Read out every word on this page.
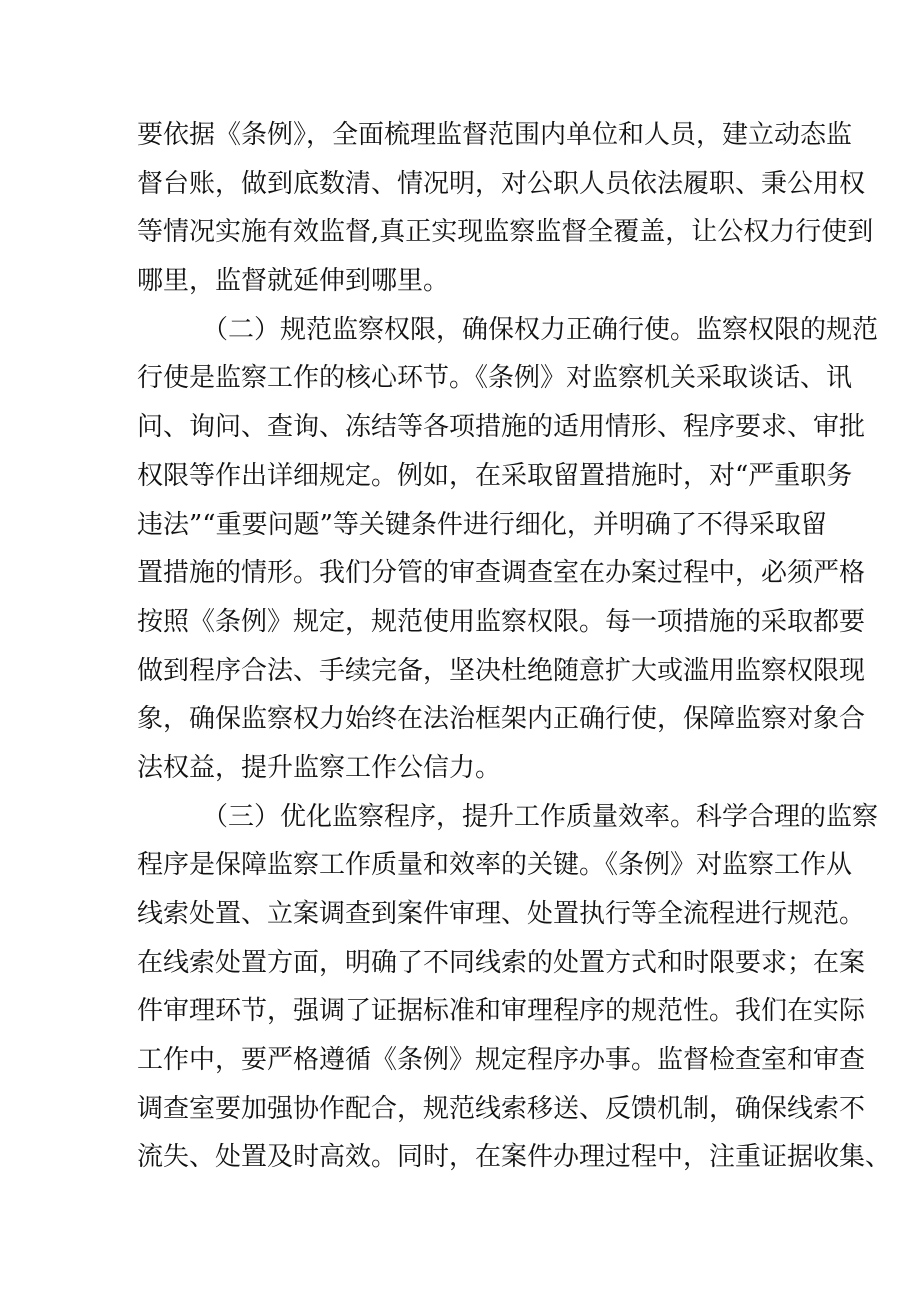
要依据《条例》，全面梳理监督范围内单位和人员，建立动态监
督台账，做到底数清、情况明，对公职人员依法履职、秉公用权
等情况实施有效监督,真正实现监察监督全覆盖，让公权力行使到
哪里，监督就延伸到哪里。
（二）规范监察权限，确保权力正确行使。监察权限的规范
行使是监察工作的核心环节。《条例》对监察机关采取谈话、讯
问、询问、查询、冻结等各项措施的适用情形、程序要求、审批
权限等作出详细规定。例如，在采取留置措施时，对“严重职务
违法”“重要问题”等关键条件进行细化，并明确了不得采取留
置措施的情形。我们分管的审查调查室在办案过程中，必须严格
按照《条例》规定，规范使用监察权限。每一项措施的采取都要
做到程序合法、手续完备，坚决杜绝随意扩大或滥用监察权限现
象，确保监察权力始终在法治框架内正确行使，保障监察对象合
法权益，提升监察工作公信力。
（三）优化监察程序，提升工作质量效率。科学合理的监察
程序是保障监察工作质量和效率的关键。《条例》对监察工作从
线索处置、立案调查到案件审理、处置执行等全流程进行规范。
在线索处置方面，明确了不同线索的处置方式和时限要求；在案
件审理环节，强调了证据标准和审理程序的规范性。我们在实际
工作中，要严格遵循《条例》规定程序办事。监督检查室和审查
调查室要加强协作配合，规范线索移送、反馈机制，确保线索不
流失、处置及时高效。同时，在案件办理过程中，注重证据收集、
